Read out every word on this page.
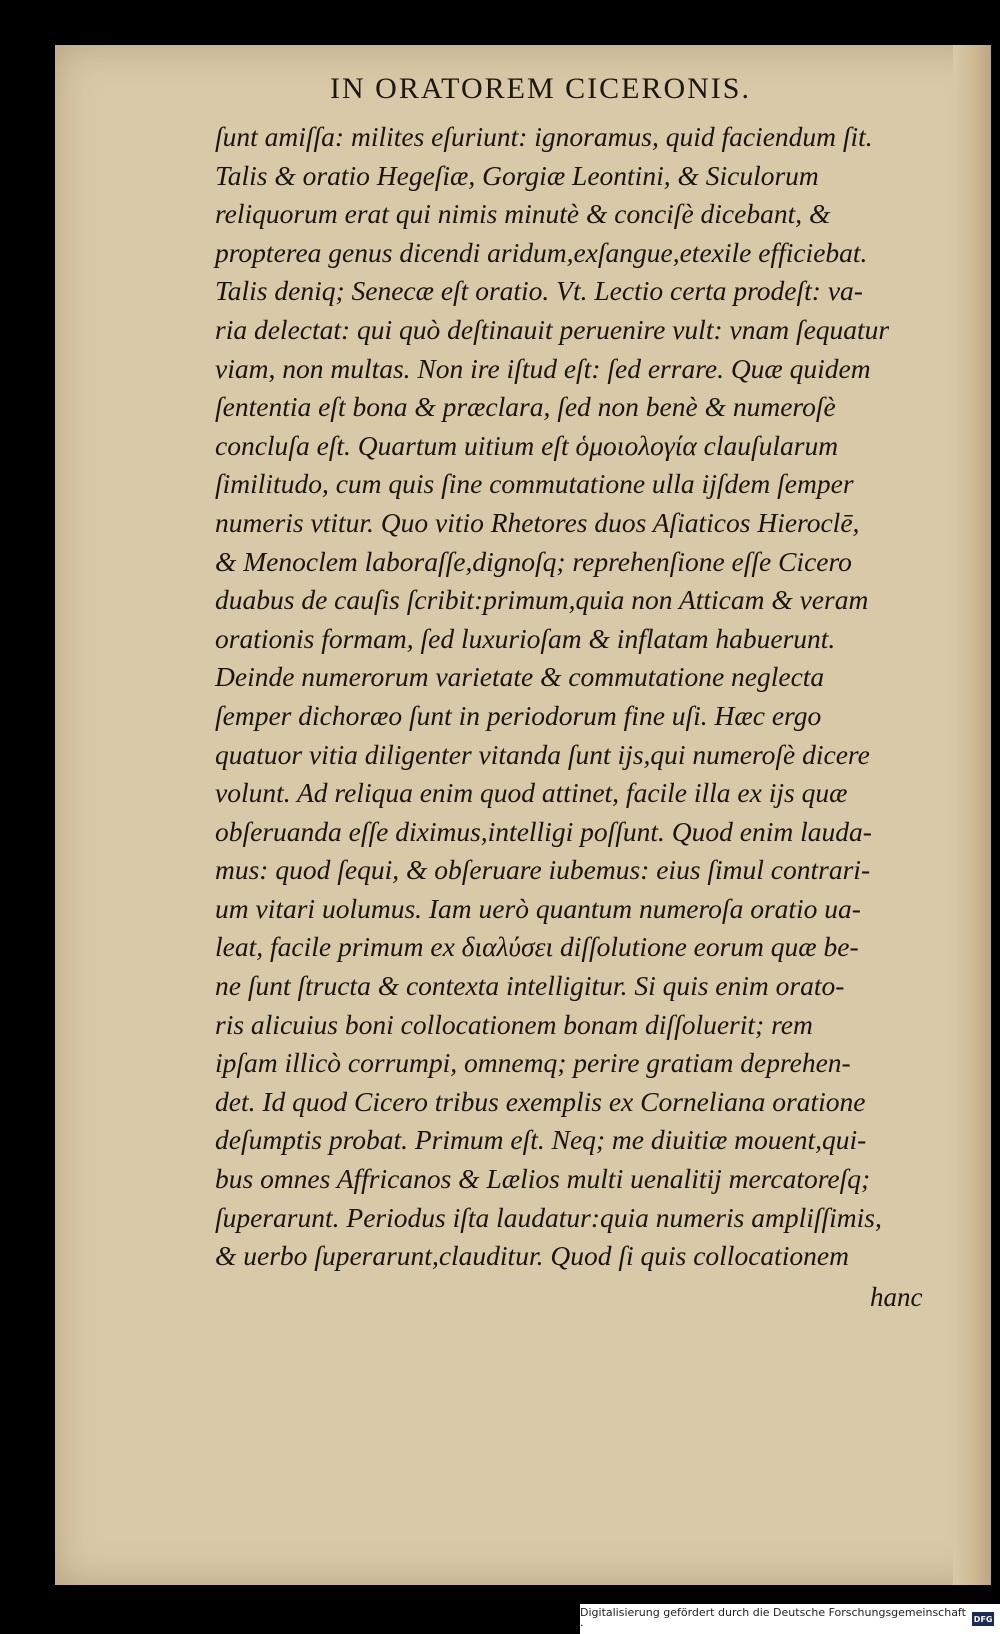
IN ORATOREM CICERONIS.
ſunt amiſſa: milites eſuriunt: ignoramus, quid faciendum ſit.
Talis & oratio Hegeſiæ, Gorgiæ Leontini, & Siculorum
reliquorum erat qui nimis minutè & conciſè dicebant, &
propterea genus dicendi aridum,exſangue,etexile efficiebat.
Talis deniq; Senecæ eſt oratio. Vt. Lectio certa prodeſt: va-
ria delectat: qui quò deſtinauit peruenire vult: vnam ſequatur
viam, non multas. Non ire iſtud eſt: ſed errare. Quæ quidem
ſententia eſt bona & præclara, ſed non benè & numeroſè
concluſa eſt. Quartum uitium eſt ὁμοιολογία clauſularum
ſimilitudo, cum quis ſine commutatione ulla ijſdem ſemper
numeris vtitur. Quo vitio Rhetores duos Aſiaticos Hieroclē,
& Menoclem laboraſſe,dignoſq; reprehenſione eſſe Cicero
duabus de cauſis ſcribit:primum,quia non Atticam & veram
orationis formam, ſed luxurioſam & inflatam habuerunt.
Deinde numerorum varietate & commutatione neglecta
ſemper dichoræo ſunt in periodorum fine uſi. Hæc ergo
quatuor vitia diligenter vitanda ſunt ijs,qui numeroſè dicere
volunt. Ad reliqua enim quod attinet, facile illa ex ijs quæ
obſeruanda eſſe diximus,intelligi poſſunt. Quod enim lauda-
mus: quod ſequi, & obſeruare iubemus: eius ſimul contrari-
um vitari uolumus. Iam uerò quantum numeroſa oratio ua-
leat, facile primum ex διαλύσει diſſolutione eorum quæ be-
ne ſunt ſtructa & contexta intelligitur. Si quis enim orato-
ris alicuius boni collocationem bonam diſſoluerit; rem
ipſam illicò corrumpi, omnemq; perire gratiam deprehen-
det. Id quod Cicero tribus exemplis ex Corneliana oratione
deſumptis probat. Primum eſt. Neq; me diuitiæ mouent,qui-
bus omnes Affricanos & Lælios multi uenalitij mercatoreſq;
ſuperarunt. Periodus iſta laudatur:quia numeris ampliſſimis,
& uerbo ſuperarunt,clauditur. Quod ſi quis collocationem
hanc
Digitalisierung gefördert durch die Deutsche Forschungsgemeinschaft ·	DFG
